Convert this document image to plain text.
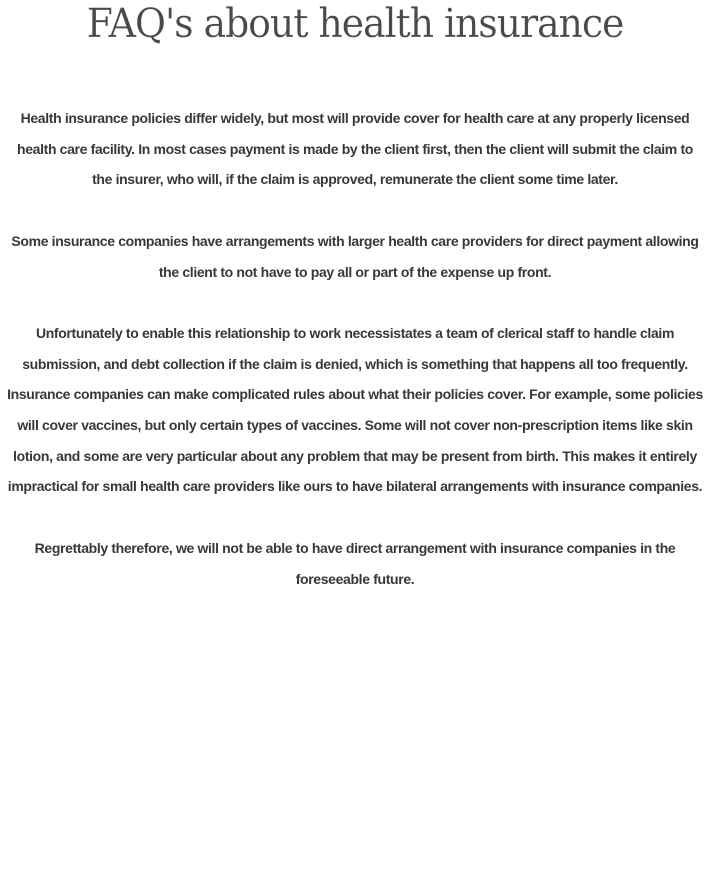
FAQ's about health insurance

Health insurance policies differ widely, but most will provide cover for health care at any properly licensed health care facility. In most cases payment is made by the client first, then the client will submit the claim to the insurer, who will, if the claim is approved, remunerate the client some time later.

Some insurance companies have arrangements with larger health care providers for direct payment allowing the client to not have to pay all or part of the expense up front.

Unfortunately to enable this relationship to work necessistates a team of clerical staff to handle claim submission, and debt collection if the claim is denied, which is something that happens all too frequently. Insurance companies can make complicated rules about what their policies cover. For example, some policies will cover vaccines, but only certain types of vaccines. Some will not cover non-prescription items like skin lotion, and some are very particular about any problem that may be present from birth. This makes it entirely impractical for small health care providers like ours to have bilateral arrangements with insurance companies.

Regrettably therefore, we will not be able to have direct arrangement with insurance companies in the foreseeable future.
